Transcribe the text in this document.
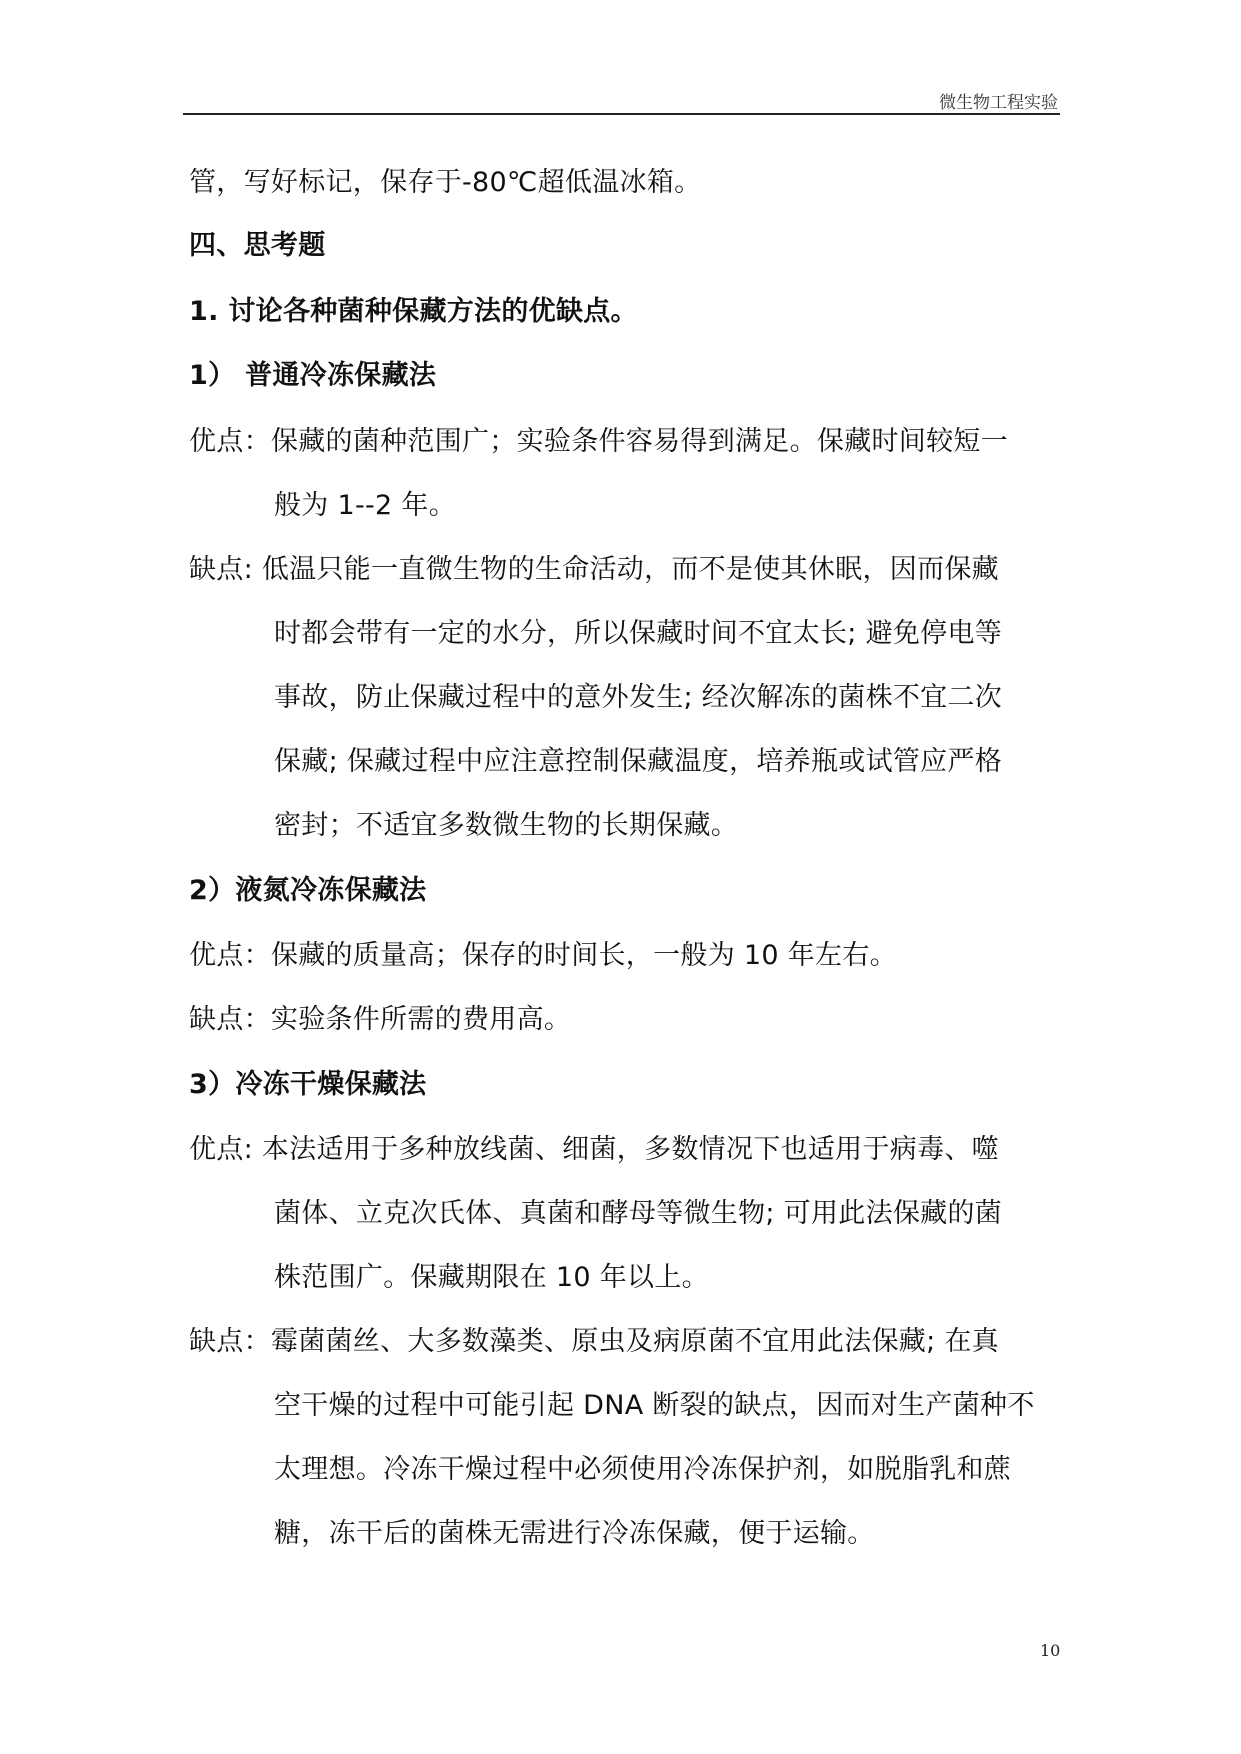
微生物工程实验
管，写好标记，保存于-80℃超低温冰箱。
四、思考题
1. 讨论各种菌种保藏方法的优缺点。
1） 普通冷冻保藏法
优点：保藏的菌种范围广；实验条件容易得到满足。保藏时间较短一
般为 1--2 年。
缺点: 低温只能一直微生物的生命活动，而不是使其休眠，因而保藏
时都会带有一定的水分，所以保藏时间不宜太长; 避免停电等
事故，防止保藏过程中的意外发生; 经次解冻的菌株不宜二次
保藏; 保藏过程中应注意控制保藏温度，培养瓶或试管应严格
密封；不适宜多数微生物的长期保藏。
2）液氮冷冻保藏法
优点：保藏的质量高；保存的时间长，一般为 10 年左右。
缺点：实验条件所需的费用高。
3）冷冻干燥保藏法
优点: 本法适用于多种放线菌、细菌，多数情况下也适用于病毒、噬
菌体、立克次氏体、真菌和酵母等微生物; 可用此法保藏的菌
株范围广。保藏期限在 10 年以上。
缺点：霉菌菌丝、大多数藻类、原虫及病原菌不宜用此法保藏; 在真
空干燥的过程中可能引起 DNA 断裂的缺点，因而对生产菌种不
太理想。冷冻干燥过程中必须使用冷冻保护剂，如脱脂乳和蔗
糖，冻干后的菌株无需进行冷冻保藏，便于运输。
10
